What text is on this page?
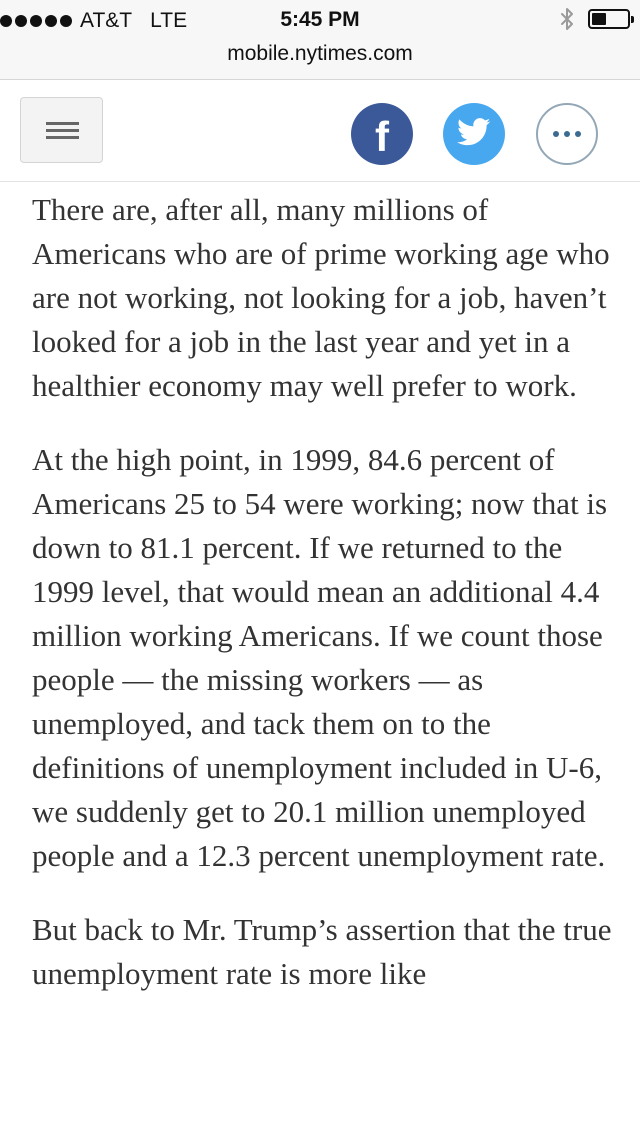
AT&T LTE	5:45 PM
mobile.nytimes.com
f

There are, after all, many millions of Americans who are of prime working age who are not working, not looking for a job, haven’t looked for a job in the last year and yet in a healthier economy may well prefer to work.

At the high point, in 1999, 84.6 percent of Americans 25 to 54 were working; now that is down to 81.1 percent. If we returned to the 1999 level, that would mean an additional 4.4 million working Americans. If we count those people — the missing workers — as unemployed, and tack them on to the definitions of unemployment included in U-6, we suddenly get to 20.1 million unemployed people and a 12.3 percent unemployment rate.

But back to Mr. Trump’s assertion that the true unemployment rate is more like
